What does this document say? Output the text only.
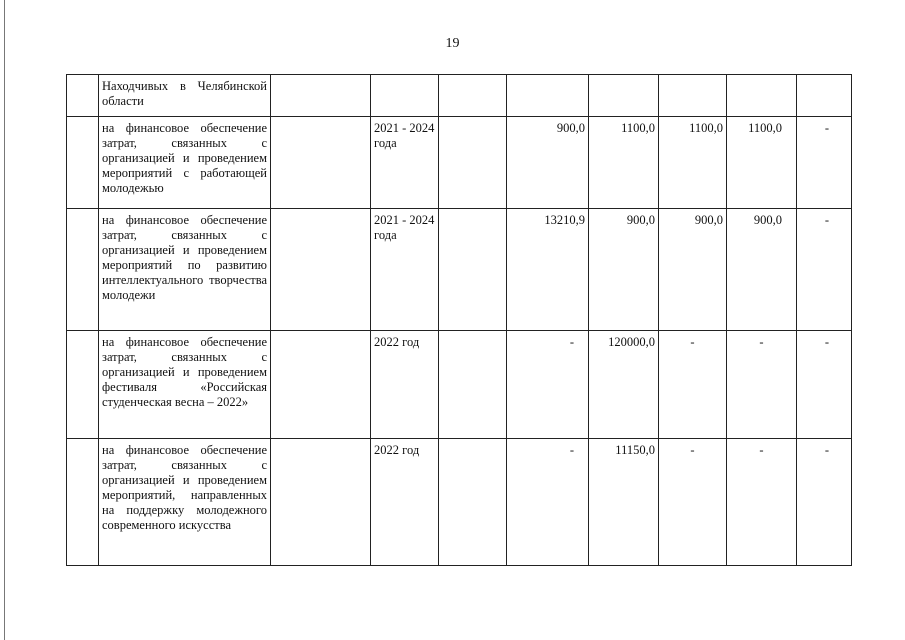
19
	Находчивых в Челябинской области								
	на финансовое обеспечение затрат, связанных с организацией и проведением мероприятий с работающей молодежью		2021 - 2024 года		900,0	1100,0	1100,0	1100,0	-
	на финансовое обеспечение затрат, связанных с организацией и проведением мероприятий по развитию интеллектуального творчества молодежи		2021 - 2024 года		13210,9	900,0	900,0	900,0	-
	на финансовое обеспечение затрат, связанных с организацией и проведением фестиваля «Российская студенческая весна – 2022»		2022 год		-	120000,0	-	-	-
	на финансовое обеспечение затрат, связанных с организацией и проведением мероприятий, направленных на поддержку молодежного современного искусства		2022 год		-	11150,0	-	-	-
